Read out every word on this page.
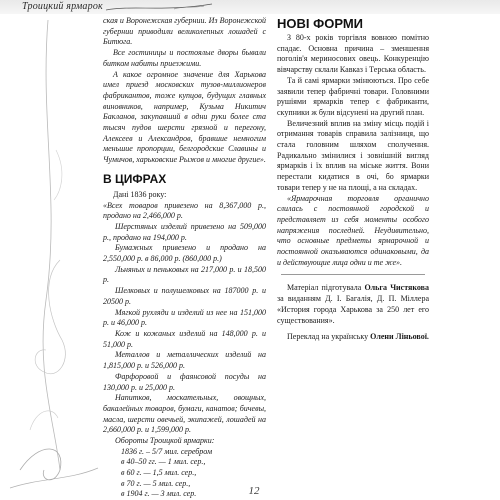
Троицкий ярмарок

ская и Воронежская губернии. Из Воронежской губернии приводили великолепных лошадей с Битюга.

Все гостиницы и постоялые дворы бывали битком набиты приезжими.

А какое огромное значение для Харькова имел приезд московских тузов-миллионеров фабрикантов, тоже купцов, будущих главных виновников, например, Кузьма Никитич Бакланов, закупавший в одни руки более ста тысяч пудов шерсти грязной и перегону, Алексеев и Александров, бравшие немногим меньшие пропорции, белгородские Славины и Чумичов, харьковские Рыжов и многие другие».

В ЦИФРАХ

Дані 1836 року:

«Всех товаров привезено на 8,367,000 р., продано на 2,466,000 р.

Шерстяных изделий привезено на 509,000 р., продано на 194,000 р.

Бумажных привезено и продано на 2,550,000 р. в 86,000 р. (860,000 р.)

Льняных и пеньковых на 217,000 р. и 18,500 р.

Шелковых и полушелковых на 187000 р. и 20500 р.

Мягкой рухляди и изделий из нее на 151,000 р. и 46,000 р.

Кож и кожаных изделий на 148,000 р. и 51,000 р.

Металлов и металлических изделий на 1,815,000 р. и 526,000 р.

Фарфоровой и фаянсовой посуды на 130,000 р. и 25,000 р.

Напитков, москательных, овощных, бакалейных товаров, бумаги, канатов; бичевы, масла, шерсти овечьей, экипажей, лошадей на 2,660,000 р. и 1,599,000 р.

Обороты Троицкой ярмарки:

1836 г. – 5/7 мил. серебром
в 40–50 гг. — 1 мил. сер.,
в 60 г. — 1,5 мил. сер.,
в 70 г. — 5 мил. сер.,
в 1904 г. — 3 мил. сер.
НОВІ ФОРМИ

З 80-х років торгівля вовною помітно спадає. Основна причина – зменшення поголів'я мериносових овець. Конкуренцію вівчарству склали Кавказ і Терська область.

Та й самі ярмарки змінюються. Про себе заявили тепер фабричні товари. Головними рушіями ярмарків тепер є фабриканти, скупники ж були відсунені на другий план.

Величезний вплив на зміну місць подій і отримання товарів справила залізниця, що стала головним шляхом сполучення. Радикально змінилися і зовнішній вигляд ярмарків і їх вплив на міське життя. Вони перестали кидатися в очі, бо ярмарки товари тепер у не на площі, а на складах.

«Ярмарочная торговля органично слилась с постоянной городской и представляет из себя моменты особого напряжения последней. Неудивительно, что основные предметы ярмарочной и постоянной оказываются одинаковыми, да и действующие лица одни и те же».

Матеріал підготувала Ольга Чистякова за виданням Д. І. Багалія, Д. П. Міллера «История города Харькова за 250 лет его существования».

Переклад на українську Олени Ліньової.

12
